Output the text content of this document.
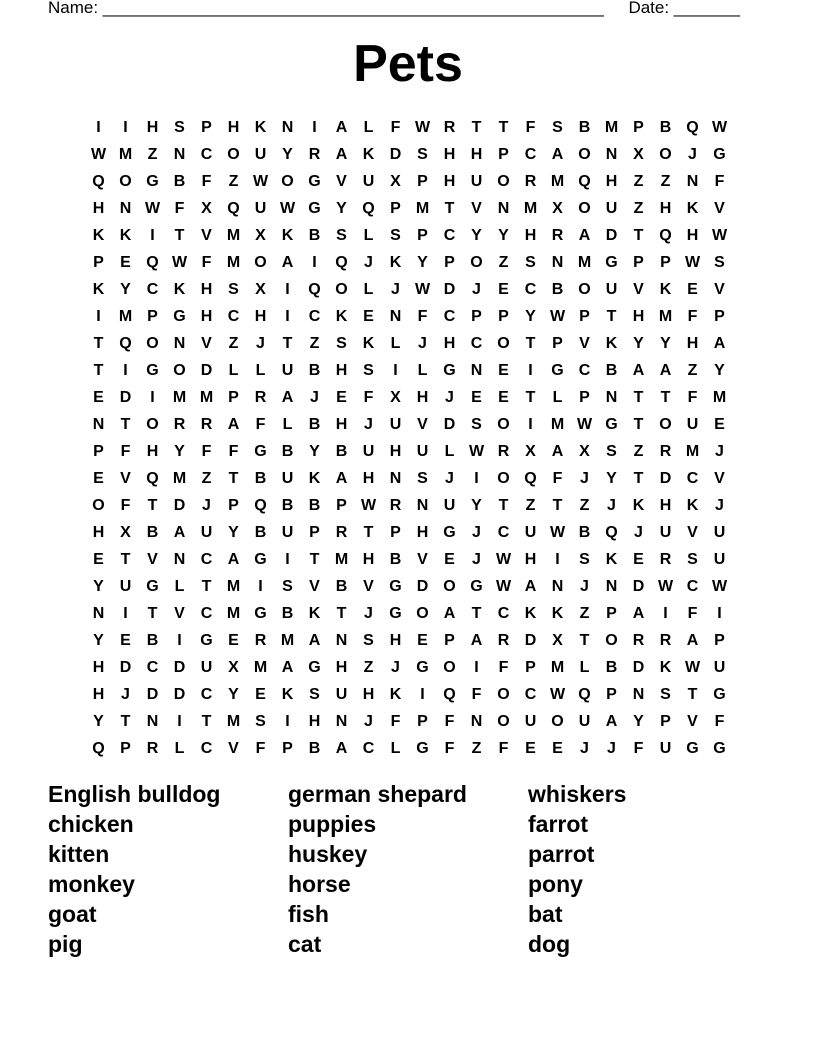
Name: _____________________________________________________ Date: _______
Pets
I	I	H S	P H K N	I	A	L	F W R	T	T	F	S B M P B Q W
W M Z	N C O U Y R A K D S H H P C A O N X O	J	G
Q O G B	F	Z W O G V U X	P H U O R M Q H	Z	Z	N	F
H N W F	X Q U W G Y Q P M T	V N M X O U	Z	H K V
K K	I	T	V M X K B S	L	S	P C Y	Y H R A D	T Q H W
P	E Q W F M O A	I	Q	J	K Y	P O Z	S N M G P	P W S
K Y C K H S	X	I	Q O L	J W D	J	E C B O U V K E	V
I	M P G H C H	I	C K E N	F	C P	P	Y W P	T	H M F	P
T Q O N V	Z	J	T	Z	S K	L	J	H C O T	P	V K Y	Y H A
T	I	G O D	L	L	U B H S	I	L G N E	I	G C B A A	Z	Y
E D	I	M M P R A	J	E	F	X H	J	E	E	T	L	P N	T	T	F M
N	T O R R A	F	L	B H	J	U V D S O	I	M W G T O U E
P	F	H Y	F	F G B Y B U H U	L W R X A X	S	Z	R M J
E	V Q M Z	T	B U K A H N S	J	I	O Q F	J	Y	T	D C V
O F	T	D	J	P Q B B P W R N U Y	T	Z	T	Z	J	K H K	J
H X B A U Y B U P R	T	P H G	J	C U W B Q	J	U V U
E	T	V N C A G	I	T M H B V	E	J W H	I	S K E R S U
Y U G L	T M	I	S	V B V G D O G W A N	J	N D W C W
N	I	T	V C M G B K	T	J	G O A	T	C K K	Z	P A	I	F	I
Y	E B	I	G E R M A N S H E	P A R D X	T O R R A P
H D C D U X M A G H	Z	J	G O	I	F	P M L	B D K W U
H	J	D D C Y	E K S U H K	I	Q F O C W Q P N S	T G
Y	T	N	I	T M S	I	H N	J	F	P	F	N O U O U A Y	P	V	F
Q P R	L	C V	F	P B A C	L G F	Z	F	E	E	J	J	F	U G G
English bulldog	german shepard	whiskers
chicken	puppies	farrot
kitten	huskey	parrot
monkey	horse	pony
goat	fish	bat
pig	cat	dog
